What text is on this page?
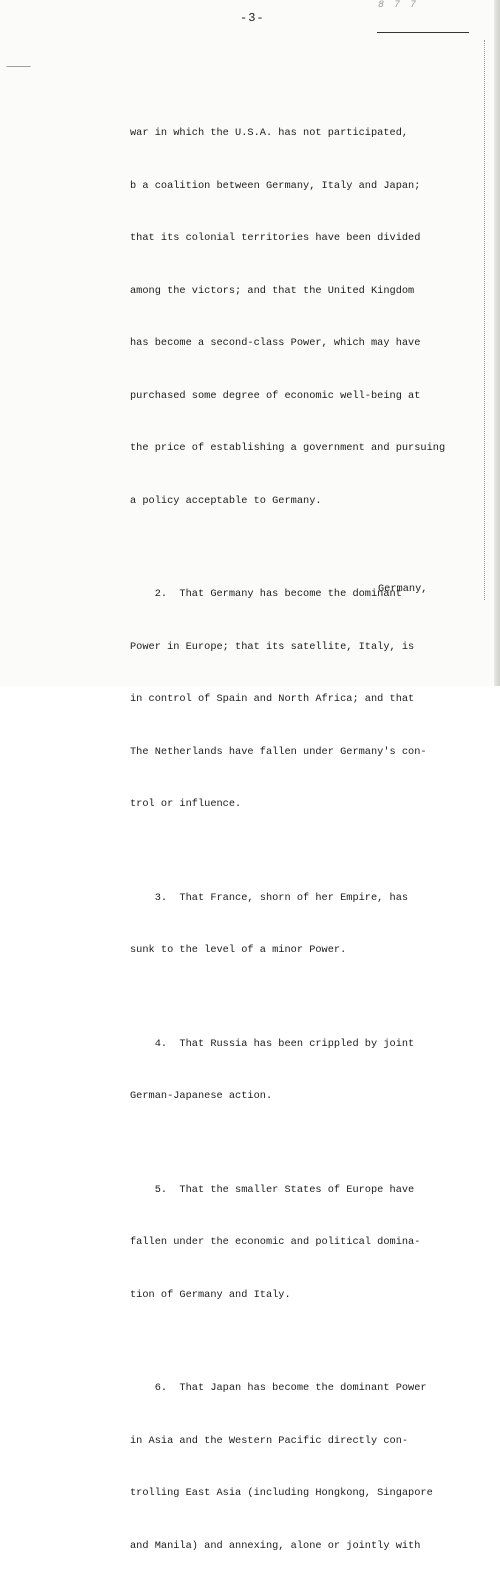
8 7 7
-3-
⸻

war in which the U.S.A. has not participated,

b a coalition between Germany, Italy and Japan;

that its colonial territories have been divided

among the victors; and that the United Kingdom

has become a second-class Power, which may have

purchased some degree of economic well-being at

the price of establishing a government and pursuing

a policy acceptable to Germany.

2.  That Germany has become the dominant

Power in Europe; that its satellite, Italy, is

in control of Spain and North Africa; and that

The Netherlands have fallen under Germany's con-

trol or influence.

3.  That France, shorn of her Empire, has

sunk to the level of a minor Power.

4.  That Russia has been crippled by joint

German-Japanese action.

5.  That the smaller States of Europe have

fallen under the economic and political domina-

tion of Germany and Italy.

6.  That Japan has become the dominant Power

in Asia and the Western Pacific directly con-

trolling East Asia (including Hongkong, Singapore

and Manila) and annexing, alone or jointly with

Germany,
